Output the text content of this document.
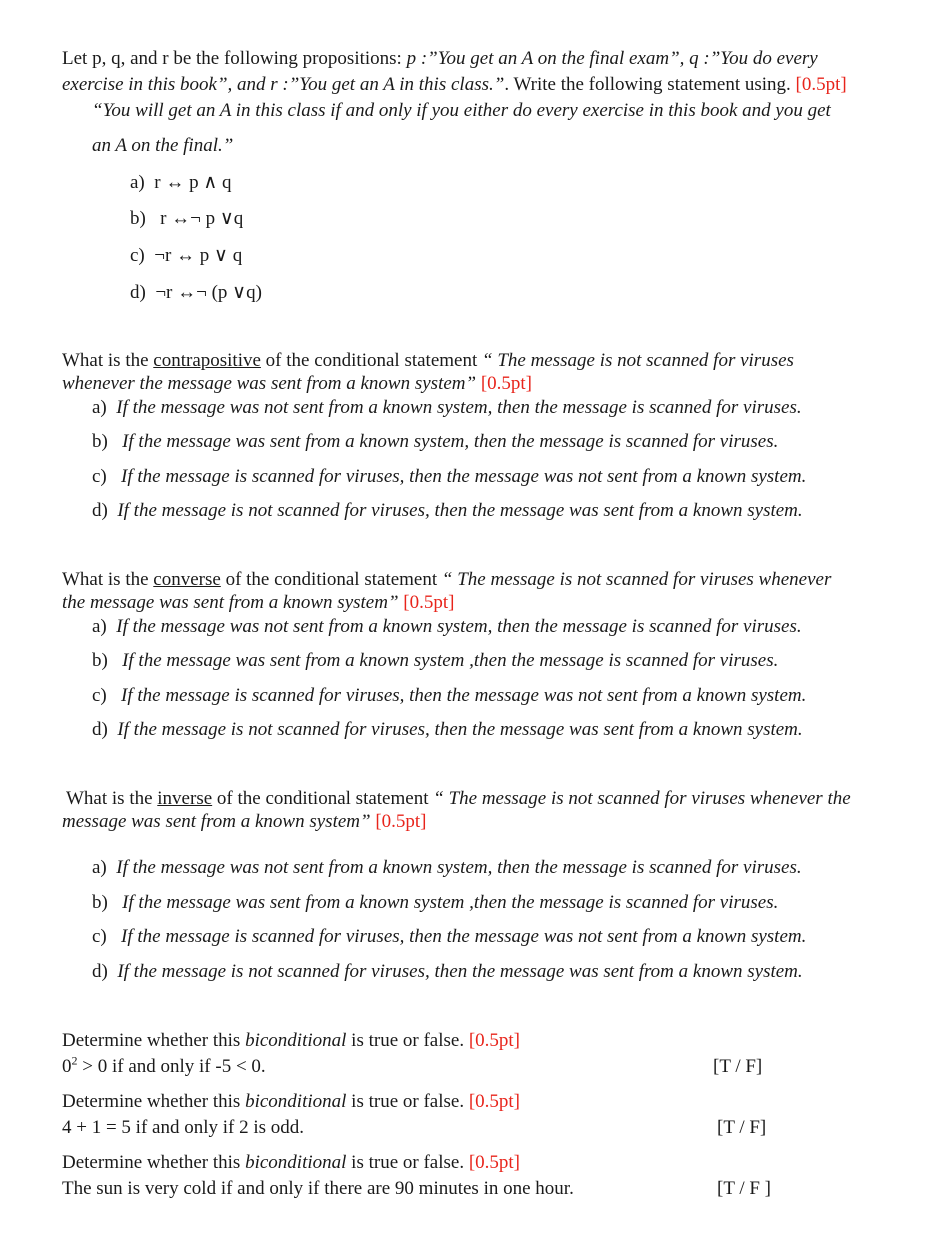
Let p, q, and r be the following propositions: p :”You get an A on the final exam”, q :”You do every
exercise in this book”, and r :”You get an A in this class.”. Write the following statement using. [0.5pt]
“You will get an A in this class if and only if you either do every exercise in this book and you get
an A on the final.”
a) r ↔ p ∧ q
b) r ↔¬ p ∨q
c) ¬r ↔ p ∨ q
d) ¬r ↔¬ (p ∨q)
What is the contrapositive of the conditional statement “ The message is not scanned for viruses
whenever the message was sent from a known system” [0.5pt]
a) If the message was not sent from a known system, then the message is scanned for viruses.
b) If the message was sent from a known system, then the message is scanned for viruses.
c) If the message is scanned for viruses, then the message was not sent from a known system.
d) If the message is not scanned for viruses, then the message was sent from a known system.
What is the converse of the conditional statement “ The message is not scanned for viruses whenever
the message was sent from a known system” [0.5pt]
a) If the message was not sent from a known system, then the message is scanned for viruses.
b) If the message was sent from a known system ,then the message is scanned for viruses.
c) If the message is scanned for viruses, then the message was not sent from a known system.
d) If the message is not scanned for viruses, then the message was sent from a known system.
What is the inverse of the conditional statement “ The message is not scanned for viruses whenever the
message was sent from a known system” [0.5pt]
a) If the message was not sent from a known system, then the message is scanned for viruses.
b) If the message was sent from a known system ,then the message is scanned for viruses.
c) If the message is scanned for viruses, then the message was not sent from a known system.
d) If the message is not scanned for viruses, then the message was sent from a known system.
Determine whether this biconditional is true or false. [0.5pt]
$0^2 > 0$ if and only if -5 < 0.	[T / F]
Determine whether this biconditional is true or false. [0.5pt]
4 + 1 = 5 if and only if 2 is odd.	[T / F]
Determine whether this biconditional is true or false. [0.5pt]
The sun is very cold if and only if there are 90 minutes in one hour.	[T / F ]
